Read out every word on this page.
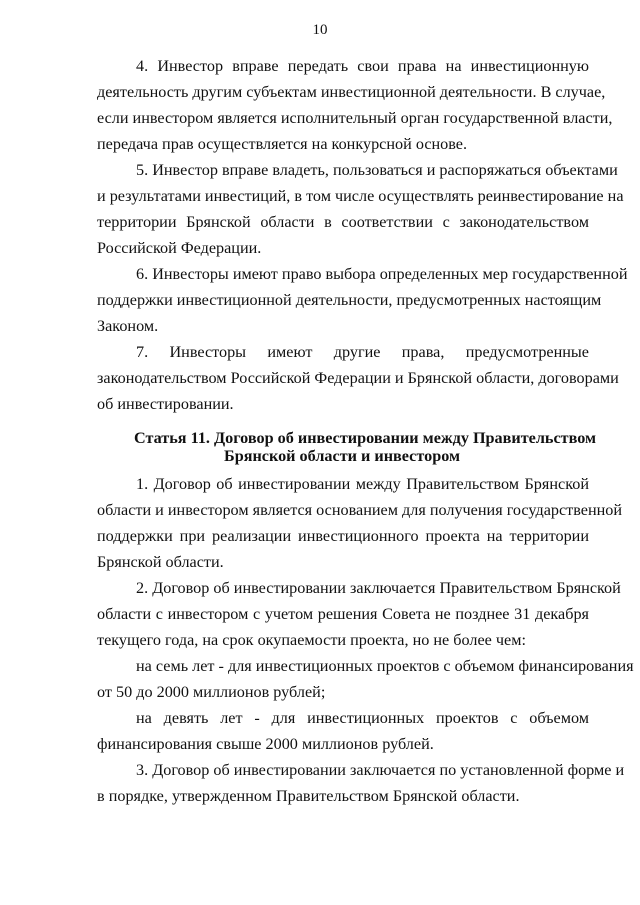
10
4. Инвестор вправе передать свои права на инвестиционную
деятельность другим субъектам инвестиционной деятельности. В случае,
если инвестором является исполнительный орган государственной власти,
передача прав осуществляется на конкурсной основе.
5. Инвестор вправе владеть, пользоваться и распоряжаться объектами
и результатами инвестиций, в том числе осуществлять реинвестирование на
территории Брянской области в соответствии с законодательством
Российской Федерации.
6. Инвесторы имеют право выбора определенных мер государственной
поддержки инвестиционной деятельности, предусмотренных настоящим
Законом.
7. Инвесторы имеют другие права, предусмотренные
законодательством Российской Федерации и Брянской области, договорами
об инвестировании.
Статья 11. Договор об инвестировании между Правительством
Брянской области и инвестором
1. Договор об инвестировании между Правительством Брянской
области и инвестором является основанием для получения государственной
поддержки при реализации инвестиционного проекта на территории
Брянской области.
2. Договор об инвестировании заключается Правительством Брянской
области с инвестором с учетом решения Совета не позднее 31 декабря
текущего года, на срок окупаемости проекта, но не более чем:
на семь лет - для инвестиционных проектов с объемом финансирования
от 50 до 2000 миллионов рублей;
на девять лет - для инвестиционных проектов с объемом
финансирования свыше 2000 миллионов рублей.
3. Договор об инвестировании заключается по установленной форме и
в порядке, утвержденном Правительством Брянской области.
